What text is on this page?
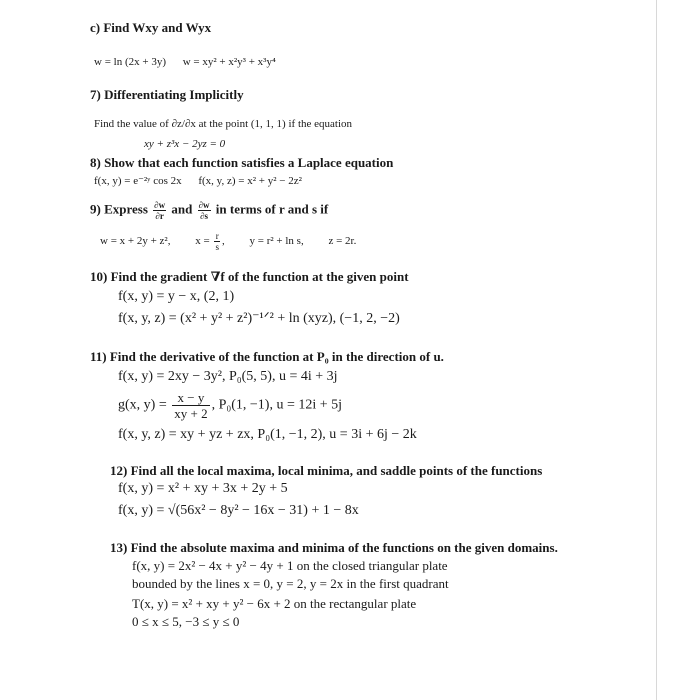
c) Find Wxy and Wyx
w = ln (2x + 3y) w = xy² + x²y³ + x³y⁴
7) Differentiating Implicitly
Find the value of ∂z/∂x at the point (1, 1, 1) if the equation
xy + z³x − 2yz = 0
8) Show that each function satisfies a Laplace equation
f(x, y) = e⁻²ʸ cos 2x f(x, y, z) = x² + y² − 2z²
9) Express $\frac{\partial w}{\partial r}$ and $\frac{\partial w}{\partial s}$ in terms of r and s if
w = x + 2y + z², $x = \frac{r}{s}$ , y = r² + ln s, z = 2r.
10) Find the gradient ∇f of the function at the given point
f(x, y) = y − x, (2, 1)
f(x, y, z) = (x² + y² + z²)⁻¹ᐟ² + ln (xyz), (−1, 2, −2)
11) Find the derivative of the function at P₀ in the direction of u.
f(x, y) = 2xy − 3y², P₀(5, 5), u = 4i + 3j
g(x, $y) = \frac{x - y}{xy + 2}$ , P₀(1, −1), u = 12i + 5j
f(x, y, z) = xy + yz + zx, P₀(1, −1, 2), u = 3i + 6j − 2k
12) Find all the local maxima, local minima, and saddle points of the functions
f(x, y) = x² + xy + 3x + 2y + 5
f(x, y) = √(56x² − 8y² − 16x − 31) + 1 − 8x
13) Find the absolute maxima and minima of the functions on the given domains.
f(x, y) = 2x² − 4x + y² − 4y + 1 on the closed triangular plate
bounded by the lines x = 0, y = 2, y = 2x in the first quadrant
T(x, y) = x² + xy + y² − 6x + 2 on the rectangular plate
0 ≤ x ≤ 5, −3 ≤ y ≤ 0
